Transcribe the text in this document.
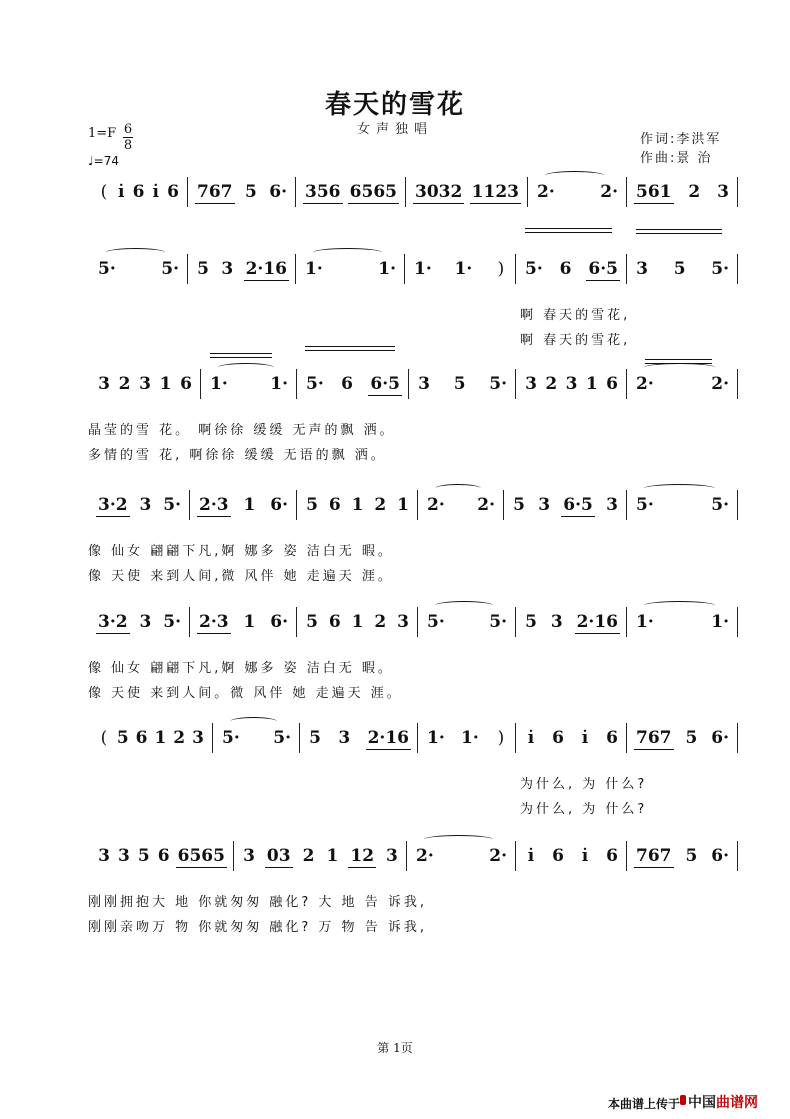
春天的雪花
女声独唱
1=F 6
8
♩=74
作词:李洪军
作曲:景 治
( i̇ 6 i̇ 6 767 5 6· 356 6565 3032 1123 2·	2· 561 2 3
5·	5· 5 3 2·16 1·	1· 1· 1· ) 5· 6 6·5 3 5 5·
啊 春天的雪花,
啊 春天的雪花,
3 2 3 1 6 1·	1· 5· 6 6·5 3 5 5· 3 2 3 1 6 2·	2·
晶莹的雪 花。 啊徐徐 缓缓 无声的飘 洒。
多情的雪 花, 啊徐徐 缓缓 无语的飘 洒。
3·2 3 5· 2·3 1 6· 5 6 1 2 1 2· 2· 5 3 6·5 3 5·	5·
像 仙女 翩翩下凡,婀 娜多 姿 洁白无 暇。
像 天使 来到人间,微 风伴 她 走遍天 涯。
3·2 3 5· 2·3 1 6· 5 6 1 2 3 5·	5· 5 3 2·16 1·	1·
像 仙女 翩翩下凡,婀 娜多 姿 洁白无 暇。
像 天使 来到人间。微 风伴 她 走遍天 涯。
( 5 6 1 2 3 5· 5· 5 3 2·16 1· 1· ) i̇ 6 i̇ 6 767 5 6·
为什么, 为 什么?
为什么, 为 什么?
3 3 5 6 6565 3 03 2 1 12 3 2·	2· i̇ 6 i̇ 6 767 5 6·
刚刚拥抱大 地 你就匆匆 融化? 大 地 告 诉我,
刚刚亲吻万 物 你就匆匆 融化? 万 物 告 诉我,
第 1页
本曲谱上传于 中国曲谱网
